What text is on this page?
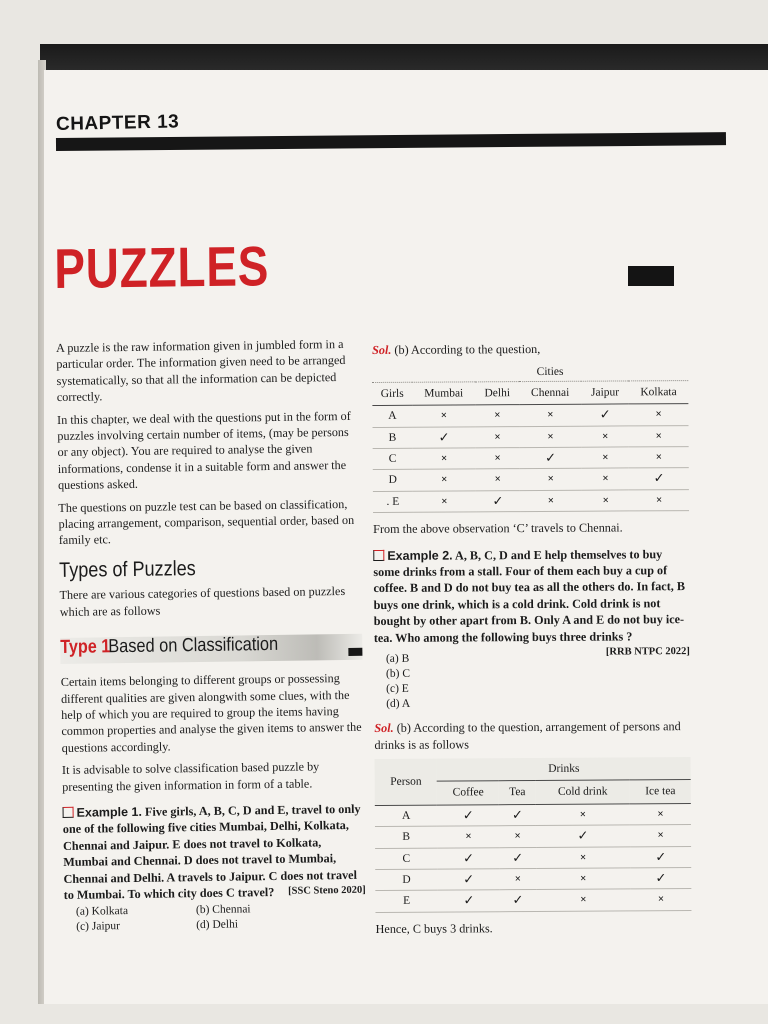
CHAPTER 13
PUZZLES

A puzzle is the raw information given in jumbled form in a particular order. The information given need to be arranged systematically, so that all the information can be depicted correctly.

In this chapter, we deal with the questions put in the form of puzzles involving certain number of items, (may be persons or any object). You are required to analyse the given informations, condense it in a suitable form and answer the questions asked.

The questions on puzzle test can be based on classification, placing arrangement, comparison, sequential order, based on family etc.

Types of Puzzles

There are various categories of questions based on puzzles which are as follows

Type 1
Based on Classification

Certain items belonging to different groups or possessing different qualities are given alongwith some clues, with the help of which you are required to group the items having common properties and analyse the given items to answer the questions accordingly.

It is advisable to solve classification based puzzle by presenting the given information in form of a table.

Example 1. Five girls, A, B, C, D and E, travel to only one of the following five cities Mumbai, Delhi, Kolkata, Chennai and Jaipur. E does not travel to Kolkata, Mumbai and Chennai. D does not travel to Mumbai, Chennai and Delhi. A travels to Jaipur. C does not travel to Mumbai. To which city does C travel? [SSC Steno 2020]
(a) Kolkata	(b) Chennai
(c) Jaipur	(d) Delhi

Sol. (b) According to the question,

	Cities				
Girls	Mumbai	Delhi	Chennai	Jaipur	Kolkata
A	×	×	×	✓	×
B	✓	×	×	×	×
C	×	×	✓	×	×
D	×	×	×	×	✓
. E	×	✓	×	×	×

From the above observation ‘C’ travels to Chennai.

Example 2. A, B, C, D and E help themselves to buy some drinks from a stall. Four of them each buy a cup of coffee. B and D do not buy tea as all the others do. In fact, B buys one drink, which is a cold drink. Cold drink is not bought by other apart from B. Only A and E do not buy ice-tea. Who among the following buys three drinks ?
[RRB NTPC 2022]
(a) B
(b) C
(c) E
(d) A

Sol. (b) According to the question, arrangement of persons and drinks is as follows

Person	Drinks			
	Coffee	Tea	Cold drink	Ice tea
A	✓	✓	×	×
B	×	×	✓	×
C	✓	✓	×	✓
D	✓	×	×	✓
E	✓	✓	×	×

Hence, C buys 3 drinks.
